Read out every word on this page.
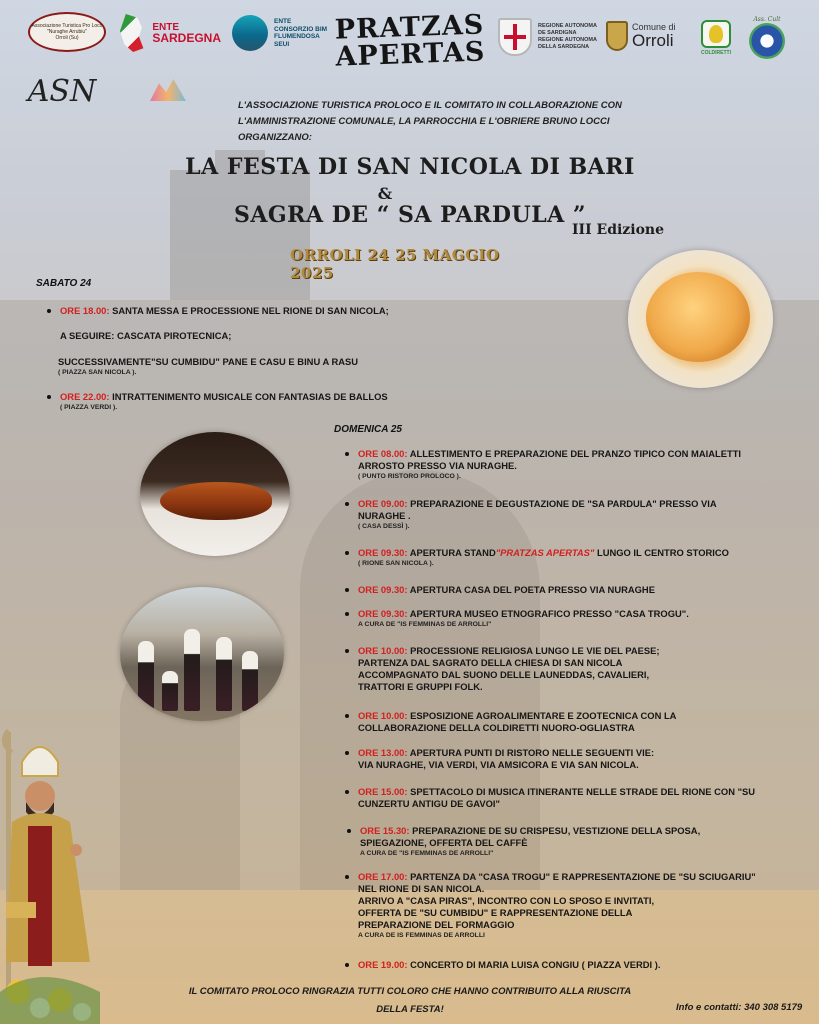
Associazione Turistica Pro Loco
"Nuraghe Arrubiu"
Orroli (Su)
ENTE
SARDEGNA
ENTE
CONSORZIO BIM
FLUMENDOSA
SEUI	PRATZAS
APERTAS
REGIONE AUTONOMA
DE SARDIGNA
REGIONE AUTONOMA
DELLA SARDEGNA
Comune di
Orroli
COLDIRETTI
Ass. Cult
ASN	L'ASSOCIAZIONE TURISTICA PROLOCO E IL COMITATO IN COLLABORAZIONE CON
L'AMMINISTRAZIONE COMUNALE, LA PARROCCHIA E L'OBRIERE BRUNO LOCCI
ORGANIZZANO:
LA FESTA DI SAN NICOLA DI BARI
&
SAGRA DE “ SA PARDULA ”
III Edizione
ORROLI 24 25 MAGGIO 2025
SABATO 24
ORE 18.00: SANTA MESSA E PROCESSIONE NEL RIONE DI SAN NICOLA;
A SEGUIRE: CASCATA PIROTECNICA;
SUCCESSIVAMENTE"SU CUMBIDU" PANE E CASU E BINU A RASU
( PIAZZA SAN NICOLA ).
ORE 22.00: INTRATTENIMENTO MUSICALE CON FANTASIAS DE BALLOS
( PIAZZA VERDI ).
DOMENICA 25
ORE 08.00: ALLESTIMENTO E PREPARAZIONE DEL PRANZO TIPICO CON MAIALETTI
ARROSTO PRESSO VIA NURAGHE.
( PUNTO RISTORO PROLOCO ).
ORE 09.00: PREPARAZIONE E DEGUSTAZIONE DE "SA PARDULA" PRESSO VIA
NURAGHE .
( CASA DESSÌ ).
ORE 09.30: APERTURA STAND"PRATZAS APERTAS" LUNGO IL CENTRO STORICO
( RIONE SAN NICOLA ).
ORE 09.30: APERTURA CASA DEL POETA PRESSO VIA NURAGHE
ORE 09.30: APERTURA MUSEO ETNOGRAFICO PRESSO "CASA TROGU".
A CURA DE "IS FEMMINAS DE ARROLLI"
ORE 10.00: PROCESSIONE RELIGIOSA LUNGO LE VIE DEL PAESE;
PARTENZA DAL SAGRATO DELLA CHIESA DI SAN NICOLA
ACCOMPAGNATO DAL SUONO DELLE LAUNEDDAS, CAVALIERI,
TRATTORI E GRUPPI FOLK.
ORE 10.00: ESPOSIZIONE AGROALIMENTARE E ZOOTECNICA CON LA
COLLABORAZIONE DELLA COLDIRETTI NUORO-OGLIASTRA
ORE 13.00: APERTURA PUNTI DI RISTORO NELLE SEGUENTI VIE:
VIA NURAGHE, VIA VERDI, VIA AMSICORA E VIA SAN NICOLA.
ORE 15.00: SPETTACOLO DI MUSICA ITINERANTE NELLE STRADE DEL RIONE CON "SU
CUNZERTU ANTIGU DE GAVOI"
ORE 15.30: PREPARAZIONE DE SU CRISPESU, VESTIZIONE DELLA SPOSA,
SPIEGAZIONE, OFFERTA DEL CAFFÈ
A CURA DE "IS FEMMINAS DE ARROLLI"
ORE 17.00: PARTENZA DA "CASA TROGU" E RAPPRESENTAZIONE DE "SU SCIUGARIU"
NEL RIONE DI SAN NICOLA.
ARRIVO A "CASA PIRAS", INCONTRO CON LO SPOSO E INVITATI,
OFFERTA DE "SU CUMBIDU" E RAPPRESENTAZIONE DELLA
PREPARAZIONE DEL FORMAGGIO
A CURA DE IS FEMMINAS DE ARROLLI
ORE 19.00: CONCERTO DI MARIA LUISA CONGIU ( PIAZZA VERDI ).
IL COMITATO PROLOCO RINGRAZIA TUTTI COLORO CHE HANNO CONTRIBUITO ALLA RIUSCITA
DELLA FESTA!	Info e contatti: 340 308 5179
